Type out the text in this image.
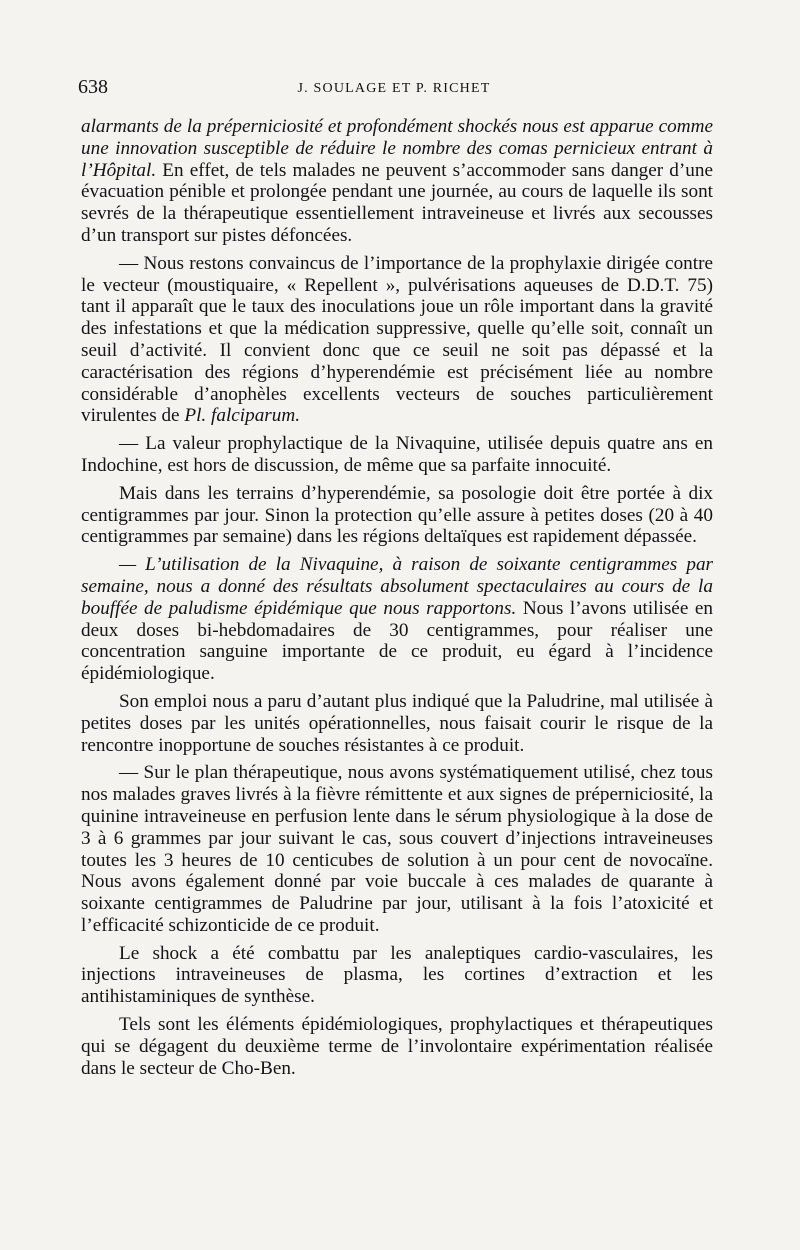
638	J. SOULAGE ET P. RICHET

alarmants de la préperniciosité et profondément shockés nous est apparue comme une innovation susceptible de réduire le nombre des comas pernicieux entrant à l’Hôpital. En effet, de tels malades ne peuvent s’accommoder sans danger d’une évacuation pénible et prolongée pendant une journée, au cours de laquelle ils sont sevrés de la thérapeutique essentiellement intraveineuse et livrés aux secousses d’un transport sur pistes défoncées.

— Nous restons convaincus de l’importance de la prophylaxie dirigée contre le vecteur (moustiquaire, « Repellent », pulvérisations aqueuses de D.D.T. 75) tant il apparaît que le taux des inoculations joue un rôle important dans la gravité des infestations et que la médication suppressive, quelle qu’elle soit, connaît un seuil d’activité. Il convient donc que ce seuil ne soit pas dépassé et la caractérisation des régions d’hyperendémie est précisément liée au nombre considérable d’anophèles excellents vecteurs de souches particulièrement virulentes de Pl. falciparum.

— La valeur prophylactique de la Nivaquine, utilisée depuis quatre ans en Indochine, est hors de discussion, de même que sa parfaite innocuité.

Mais dans les terrains d’hyperendémie, sa posologie doit être portée à dix centigrammes par jour. Sinon la protection qu’elle assure à petites doses (20 à 40 centigrammes par semaine) dans les régions deltaïques est rapidement dépassée.

— L’utilisation de la Nivaquine, à raison de soixante centigrammes par semaine, nous a donné des résultats absolument spectaculaires au cours de la bouffée de paludisme épidémique que nous rapportons. Nous l’avons utilisée en deux doses bi-hebdomadaires de 30 centigrammes, pour réaliser une concentration sanguine importante de ce produit, eu égard à l’incidence épidémiologique.

Son emploi nous a paru d’autant plus indiqué que la Paludrine, mal utilisée à petites doses par les unités opérationnelles, nous faisait courir le risque de la rencontre inopportune de souches résistantes à ce produit.

— Sur le plan thérapeutique, nous avons systématiquement utilisé, chez tous nos malades graves livrés à la fièvre rémittente et aux signes de préperniciosité, la quinine intraveineuse en perfusion lente dans le sérum physiologique à la dose de 3 à 6 grammes par jour suivant le cas, sous couvert d’injections intraveineuses toutes les 3 heures de 10 centicubes de solution à un pour cent de novocaïne. Nous avons également donné par voie buccale à ces malades de quarante à soixante centigrammes de Paludrine par jour, utilisant à la fois l’atoxicité et l’efficacité schizonticide de ce produit.

Le shock a été combattu par les analeptiques cardio-vasculaires, les injections intraveineuses de plasma, les cortines d’extraction et les antihistaminiques de synthèse.

Tels sont les éléments épidémiologiques, prophylactiques et thérapeutiques qui se dégagent du deuxième terme de l’involontaire expérimentation réalisée dans le secteur de Cho-Ben.
